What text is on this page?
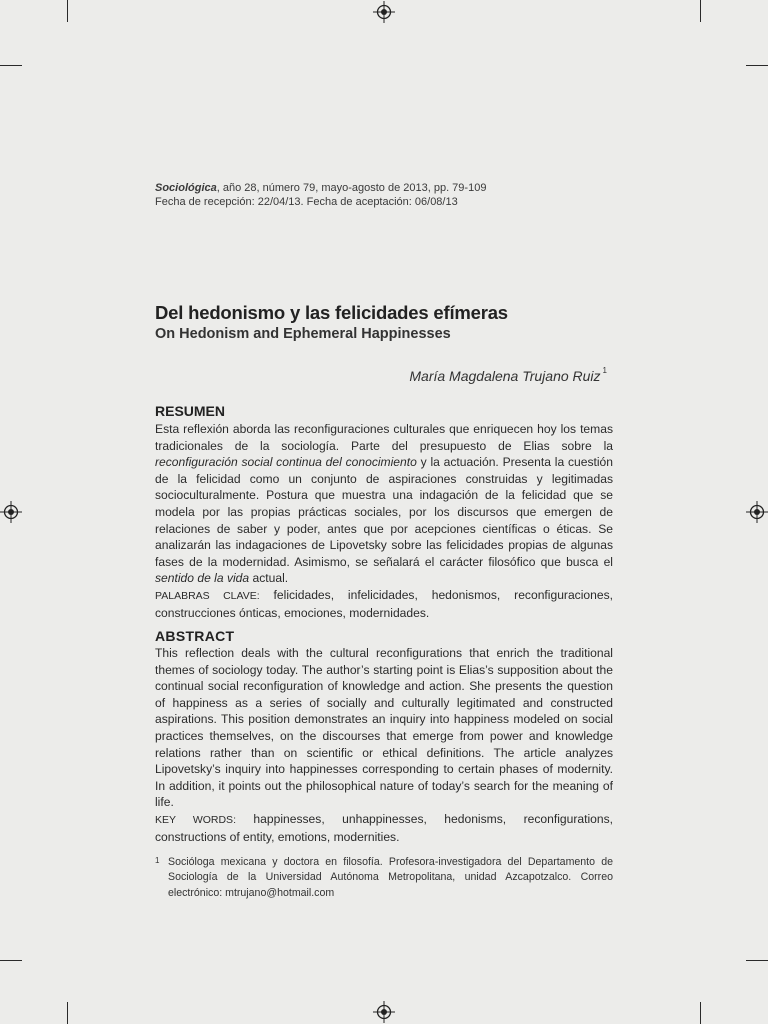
Sociológica, año 28, número 79, mayo-agosto de 2013, pp. 79-109
Fecha de recepción: 22/04/13. Fecha de aceptación: 06/08/13
Del hedonismo y las felicidades efímeras
On Hedonism and Ephemeral Happinesses
María Magdalena Trujano Ruiz $^1$
RESUMEN

Esta reflexión aborda las reconfiguraciones culturales que enriquecen hoy los temas tradicionales de la sociología. Parte del presupuesto de Elias sobre la reconfiguración social continua del conocimiento y la actuación. Presenta la cuestión de la felicidad como un conjunto de aspiraciones construidas y legitimadas socioculturalmente. Postura que muestra una indagación de la felicidad que se modela por las propias prácticas sociales, por los discursos que emergen de relaciones de saber y poder, antes que por acepciones científicas o éticas. Se analizarán las indagaciones de Lipovetsky sobre las felicidades propias de algunas fases de la modernidad. Asimismo, se señalará el carácter filosófico que busca el sentido de la vida actual.

PALABRAS CLAVE: felicidades, infelicidades, hedonismos, reconfiguraciones, construcciones ónticas, emociones, modernidades.

ABSTRACT

This reflection deals with the cultural reconfigurations that enrich the traditional themes of sociology today. The author’s starting point is Elias’s supposition about the continual social reconfiguration of knowledge and action. She presents the question of happiness as a series of socially and culturally legitimated and constructed aspirations. This position demonstrates an inquiry into happiness modeled on social practices themselves, on the discourses that emerge from power and knowledge relations rather than on scientific or ethical definitions. The article analyzes Lipovetsky’s inquiry into happinesses corresponding to certain phases of modernity. In addition, it points out the philosophical nature of today’s search for the meaning of life.

KEY WORDS: happinesses, unhappinesses, hedonisms, reconfigurations, constructions of entity, emotions, modernities.

1 Socióloga mexicana y doctora en filosofía. Profesora-investigadora del Departamento de Sociología de la Universidad Autónoma Metropolitana, unidad Azcapotzalco. Correo electrónico: mtrujano@hotmail.com
